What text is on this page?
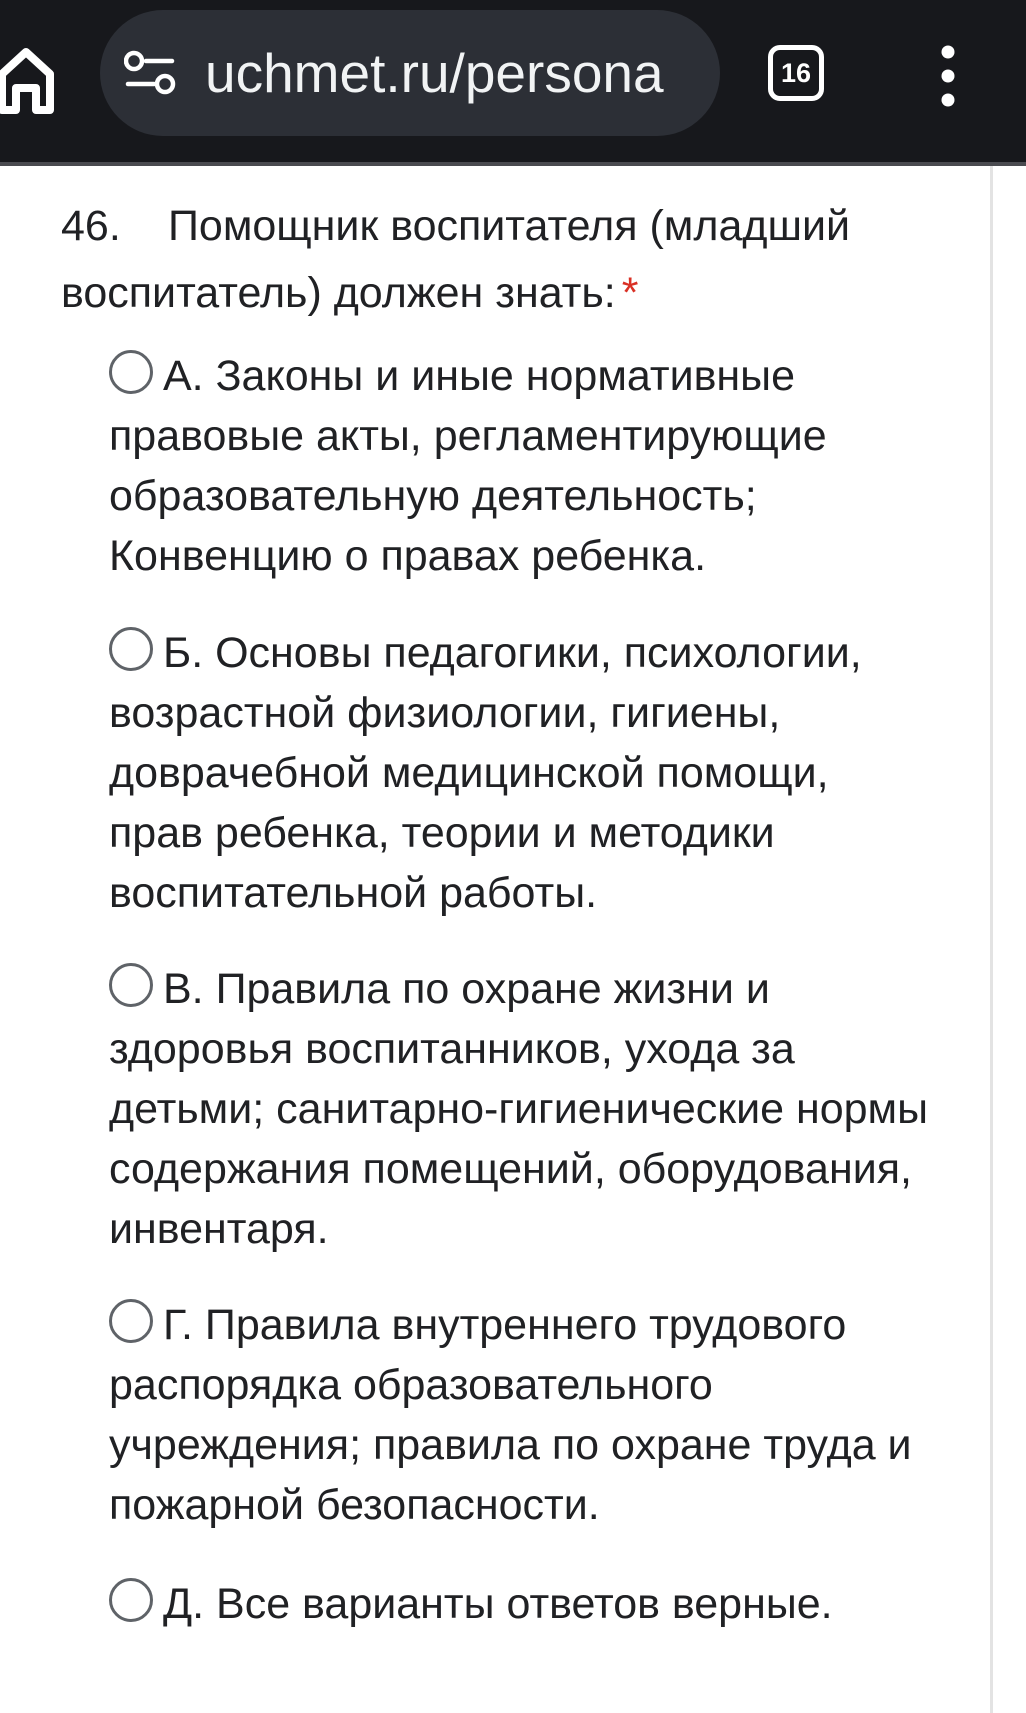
uchmet.ru/persona	16
46. Помощник воспитателя (младший воспитатель) должен знать: *
А. Законы и иные нормативные правовые акты, регламентирующие образовательную деятельность; Конвенцию о правах ребенка.
Б. Основы педагогики, психологии, возрастной физиологии, гигиены, доврачебной медицинской помощи, прав ребенка, теории и методики воспитательной работы.
В. Правила по охране жизни и здоровья воспитанников, ухода за детьми; санитарно-гигиенические нормы содержания помещений, оборудования, инвентаря.
Г. Правила внутреннего трудового распорядка образовательного учреждения; правила по охране труда и пожарной безопасности.
Д. Все варианты ответов верные.
